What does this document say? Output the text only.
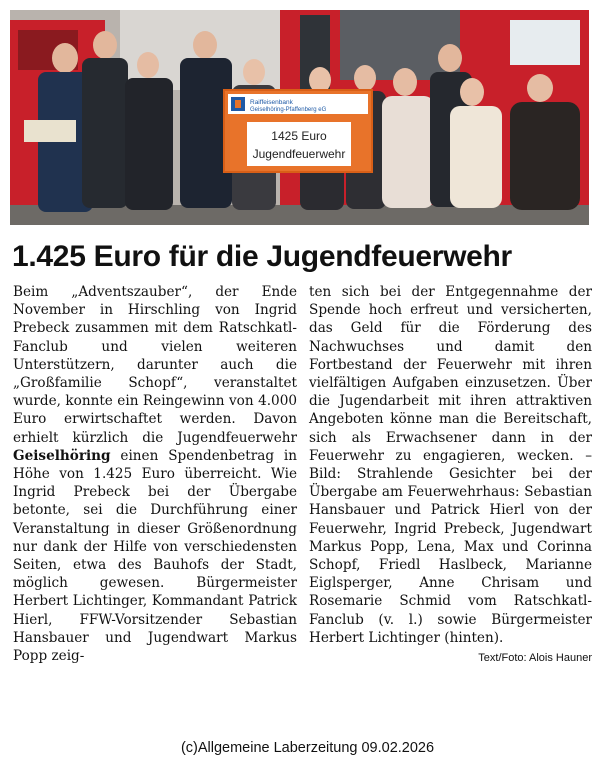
Raiffeisenbank
Geiselhöring-Pfaffenberg eG
1425 Euro
Jugendfeuerwehr
1.425 Euro für die Jugendfeuerwehr

Beim „Adventszauber“, der Ende November in Hirschling von Ingrid Prebeck zusammen mit dem Ratschkatl-Fanclub und vielen weiteren Unterstützern, darunter auch die „Großfamilie Schopf“, veranstaltet wurde, konnte ein Reingewinn von 4.000 Euro erwirtschaftet werden. Davon erhielt kürzlich die Jugendfeuerwehr Geiselhöring einen Spendenbetrag in Höhe von 1.425 Euro überreicht. Wie Ingrid Prebeck bei der Übergabe betonte, sei die Durchführung einer Veranstaltung in dieser Größenordnung nur dank der Hilfe von verschiedensten Seiten, etwa des Bauhofs der Stadt, möglich gewesen. Bürgermeister Herbert Lichtinger, Kommandant Patrick Hierl, FFW-Vorsitzender Sebastian Hansbauer und Jugendwart Markus Popp zeig-

ten sich bei der Entgegennahme der Spende hoch erfreut und versicherten, das Geld für die Förderung des Nachwuchses und damit den Fortbestand der Feuerwehr mit ihren vielfältigen Aufgaben einzusetzen. Über die Jugendarbeit mit ihren attraktiven Angeboten könne man die Bereitschaft, sich als Erwachsener dann in der Feuerwehr zu engagieren, wecken. – Bild: Strahlende Gesichter bei der Übergabe am Feuerwehrhaus: Sebastian Hansbauer und Patrick Hierl von der Feuerwehr, Ingrid Prebeck, Jugendwart Markus Popp, Lena, Max und Corinna Schopf, Friedl Haslbeck, Marianne Eiglsperger, Anne Chrisam und Rosemarie Schmid vom Ratschkatl-Fanclub (v. l.) sowie Bürgermeister Herbert Lichtinger (hinten).
Text/Foto: Alois Hauner

(c)Allgemeine Laberzeitung 09.02.2026
